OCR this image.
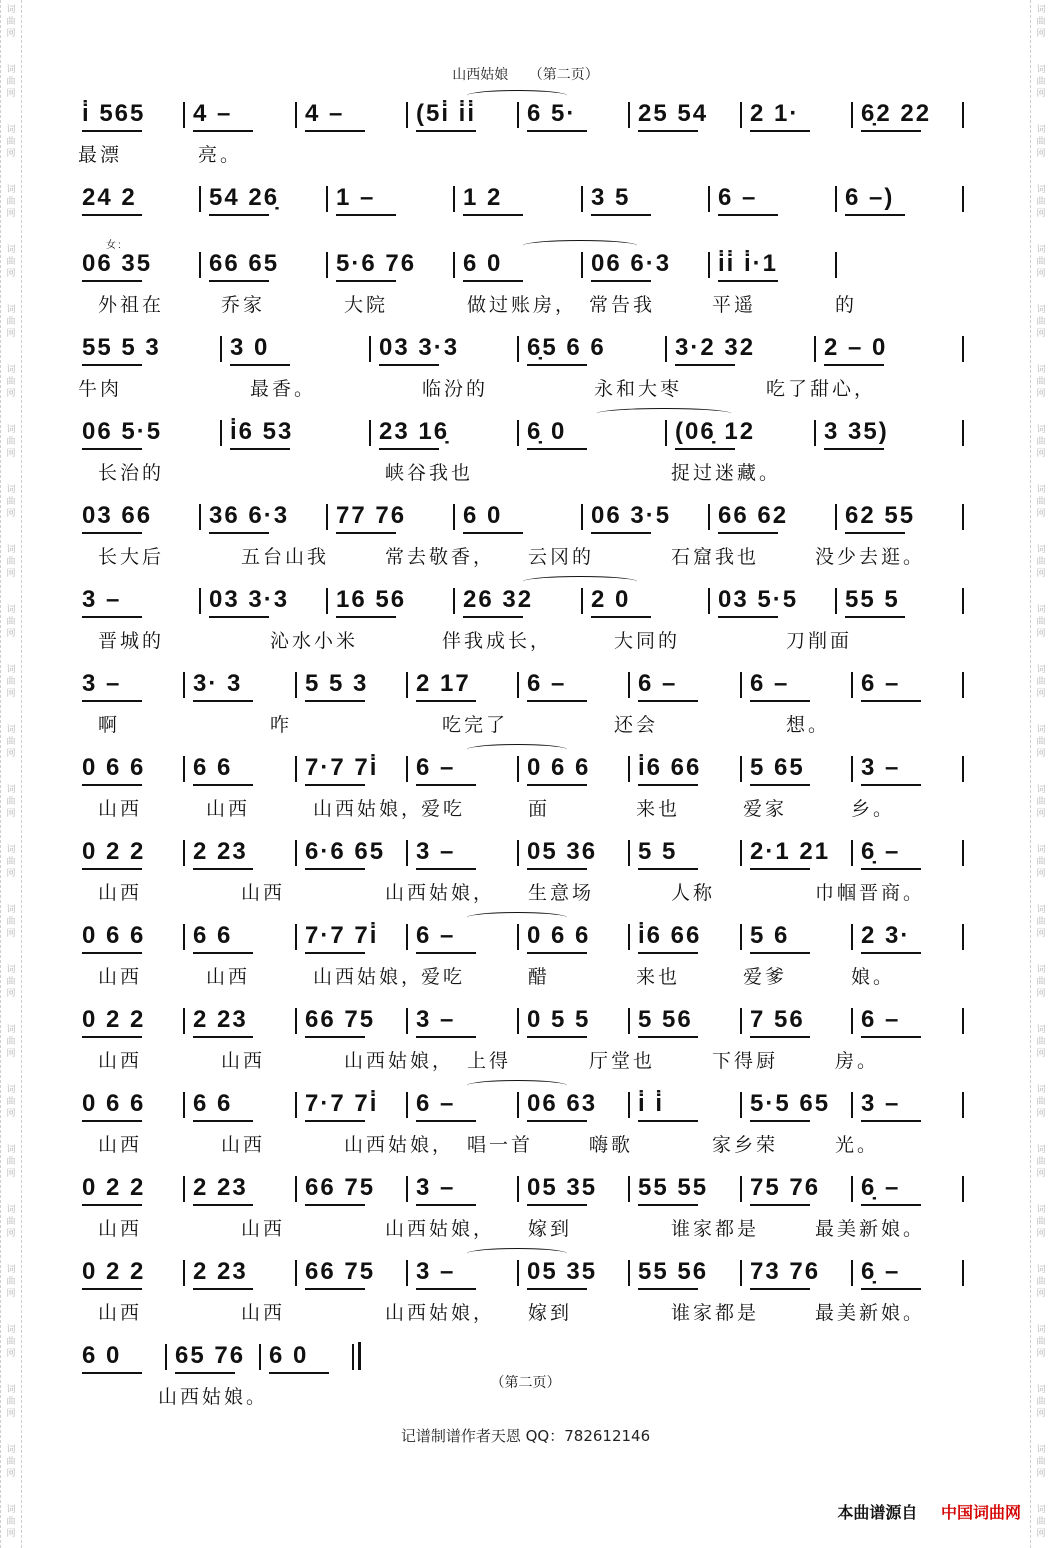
词
曲
网
词
曲
网
词
曲
网
词
曲
网
词
曲
网
词
曲
网
词
曲
网
词
曲
网
词
曲
网
词
曲
网
词
曲
网
词
曲
网
词
曲
网
词
曲
网
词
曲
网
词
曲
网
词
曲
网
词
曲
网
词
曲
网
词
曲
网
词
曲
网
词
曲
网
词
曲
网
词
曲
网
词
曲
网
词
曲
网
词
曲
网
词
曲
网
词
曲
网
词
曲
网
词
曲
网
词
曲
网
词
曲
网
词
曲
网
词
曲
网
词
曲
网
词
曲
网
词
曲
网
词
曲
网
词
曲
网
词
曲
网
词
曲
网
词
曲
网
词
曲
网
词
曲
网
词
曲
网
词
曲
网
词
曲
网
词
曲
网
词
曲
网
词
曲
网
词
曲
网
山西姑娘 （第二页）
i̇ 565 4 –	4 –	(5i̇ i̇i̇ 6 5·	25 54 2 1·	6̣2 22
最漂	亮。
24 2	54 26̣ 1 –	1 2	3 5	6 –	6 –)
06 35 66 65 5·6 76 6 0	06 6·3 i̇i̇ i̇·1
女:
外祖在	乔家	大院	做过账房， 常告我	平遥	的
55 5 3	3 0	03 3·3	6̣5 6 6	3·2 32	2 – 0
牛肉	最香。	临汾的	永和大枣	吃了甜心，
06 5·5	i̇6 53	23 16̣	6̣ 0	(06̣ 12	3 35)
长治的	峡谷我也	捉过迷藏。
03 66 36 6·3 77 76 6 0	06 3·5 66 62 62 55
长大后	五台山我	常去敬香， 云冈的	石窟我也	没少去逛。
3 –	03 3·3 16 56 26 32 2 0	03 5·5 55 5
晋城的	沁水小米	伴我成长，	大同的	刀削面
3 –	3· 3	5 5 3 2 17 6 –	6 –	6 –	6 –
啊	咋	吃完了	还会	想。
0 6 6 6 6	7·7 7i̇ 6 –	0 6 6 i̇6 66 5 65 3 –
山西	山西	山西姑娘，
爱吃	面	来也	爱家	乡。
0 2 2 2 23 6·6 65 3 –	05 36 5 5	2·1 21 6̣ –
山西	山西	山西姑娘， 生意场	人称	巾帼晋商。
0 6 6 6 6	7·7 7i̇ 6 –	0 6 6 i̇6 66 5 6	2 3·
山西	山西	山西姑娘，
爱吃	醋	来也	爱爹	娘。
0 2 2 2 23 66 75 3 –	0 5 5 5 56 7 56 6 –
山西	山西	山西姑娘， 上得	厅堂也	下得厨	房。
0 6 6 6 6	7·7 7i̇ 6 –	06 63 i̇ i̇	5·5 65 3 –
山西	山西	山西姑娘， 唱一首	嗨歌	家乡荣	光。
0 2 2 2 23 66 75 3 –	05 35 55 55 75 76 6̣ –
山西	山西	山西姑娘， 嫁到	谁家都是	最美新娘。
0 2 2 2 23 66 75 3 –	05 35 55 56 73 76 6̣ –
山西	山西	山西姑娘， 嫁到	谁家都是	最美新娘。
6 0 65 76 6 0
山西姑娘。
（第二页）
记谱制谱作者天恩 QQ：782612146
本曲谱源自 中国词曲网
